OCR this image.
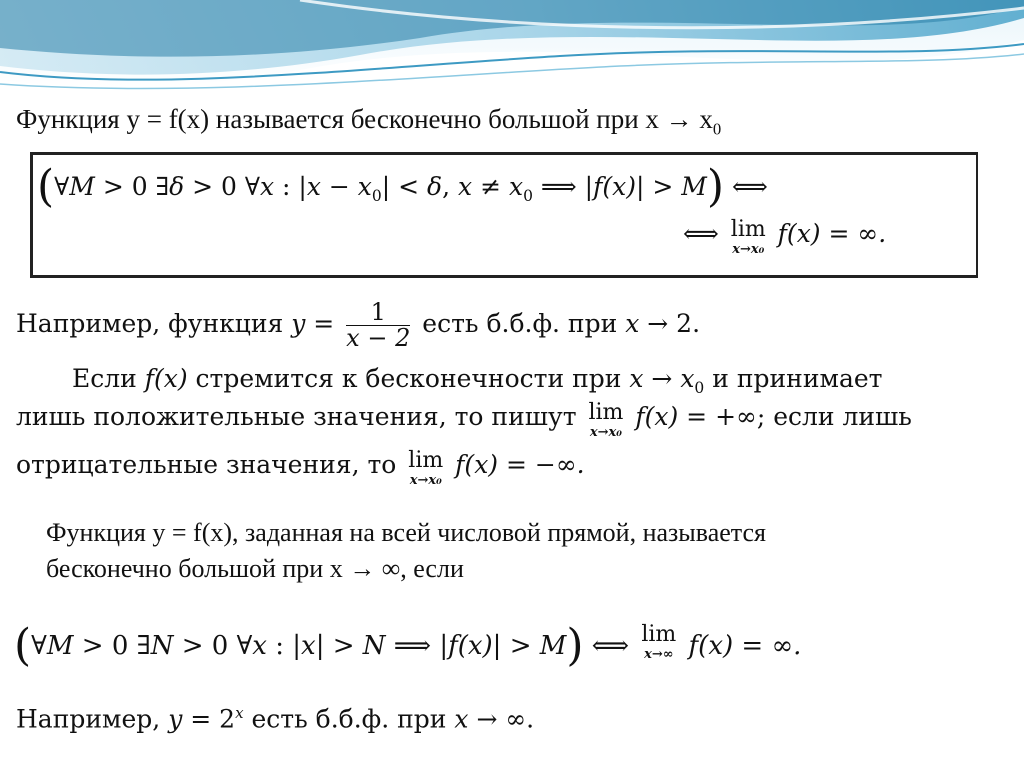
Функция y = f(x) называется бесконечно большой при $x \to x_0$
(∀M > 0 ∃δ > 0 ∀x : $|x - x_0| < \delta$, $x \ne x_0$ ⟹ |f(x)| > M) ⟺
⟺ lim
x→x₀
f(x) = ∞.
Например, функция $y = \frac{1}{x - 2}$ есть б.б.ф. при x → 2.
Если f(x) стремится к бесконечности при $x \to x_0$ и принимает
лишь положительные значения, то пишут lim
x→x₀
f(x) = +∞; если лишь
отрицательные значения, то lim
x→x₀
f(x) = −∞.
Функция y = f(x), заданная на всей числовой прямой, называется
бесконечно большой при x → ∞, если
(∀M > 0 ∃N > 0 ∀x : |x| > N ⟹ |f(x)| > M) ⟺ lim
x→∞ f(x) = ∞.
Например, $y = 2^x$ есть б.б.ф. при x → ∞.
